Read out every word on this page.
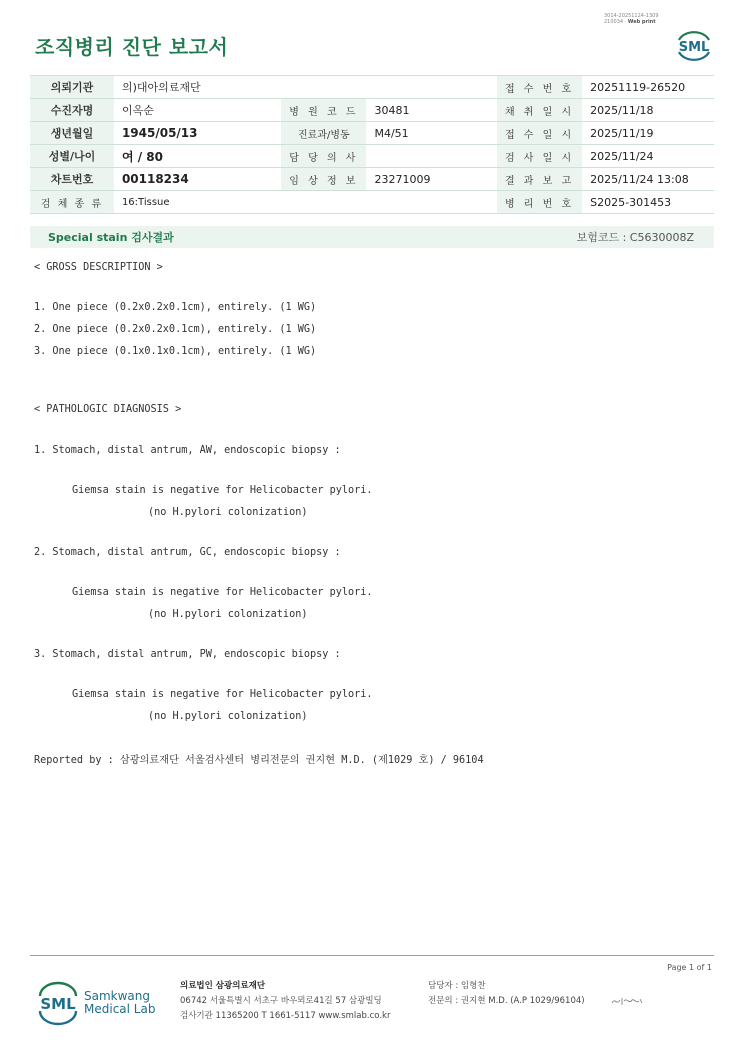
3014-20251124-1309
210034 · Web print
조직병리 진단 보고서	SML
의뢰기관	의)대아의료재단			접 수 번 호	20251119-26520
수진자명	이옥순	병 원 코 드	30481	채 취 일 시	2025/11/18
생년월일	1945/05/13	진료과/병동	M4/51	접 수 일 시	2025/11/19
성별/나이	여 / 80	담 당 의 사		검 사 일 시	2025/11/24
차트번호	00118234	임 상 정 보	23271009	결 과 보 고	2025/11/24 13:08
검 체 종 류	16:Tissue			병 리 번 호	S2025-301453
Special stain 검사결과	보험코드 : C5630008Z

< GROSS DESCRIPTION >

1. One piece (0.2x0.2x0.1cm), entirely. (1 WG)

2. One piece (0.2x0.2x0.1cm), entirely. (1 WG)

3. One piece (0.1x0.1x0.1cm), entirely. (1 WG)

< PATHOLOGIC DIAGNOSIS >

1. Stomach, distal antrum, AW, endoscopic biopsy :

Giemsa stain is negative for Helicobacter pylori.

(no H.pylori colonization)

2. Stomach, distal antrum, GC, endoscopic biopsy :

Giemsa stain is negative for Helicobacter pylori.

(no H.pylori colonization)

3. Stomach, distal antrum, PW, endoscopic biopsy :

Giemsa stain is negative for Helicobacter pylori.

(no H.pylori colonization)

Reported by : 삼광의료재단 서울검사센터 병리전문의 권지현 M.D. (제1029 호) / 96104

Page 1 of 1
SML Samkwang
Medical Lab
의료법인 삼광의료재단
06742 서울특별시 서초구 바우뫼로41길 57 삼광빌딩
검사기관 11365200 T 1661-5117 www.smlab.co.kr
담당자 : 임형찬
전문의 : 권지현 M.D. (A.P 1029/96104)
